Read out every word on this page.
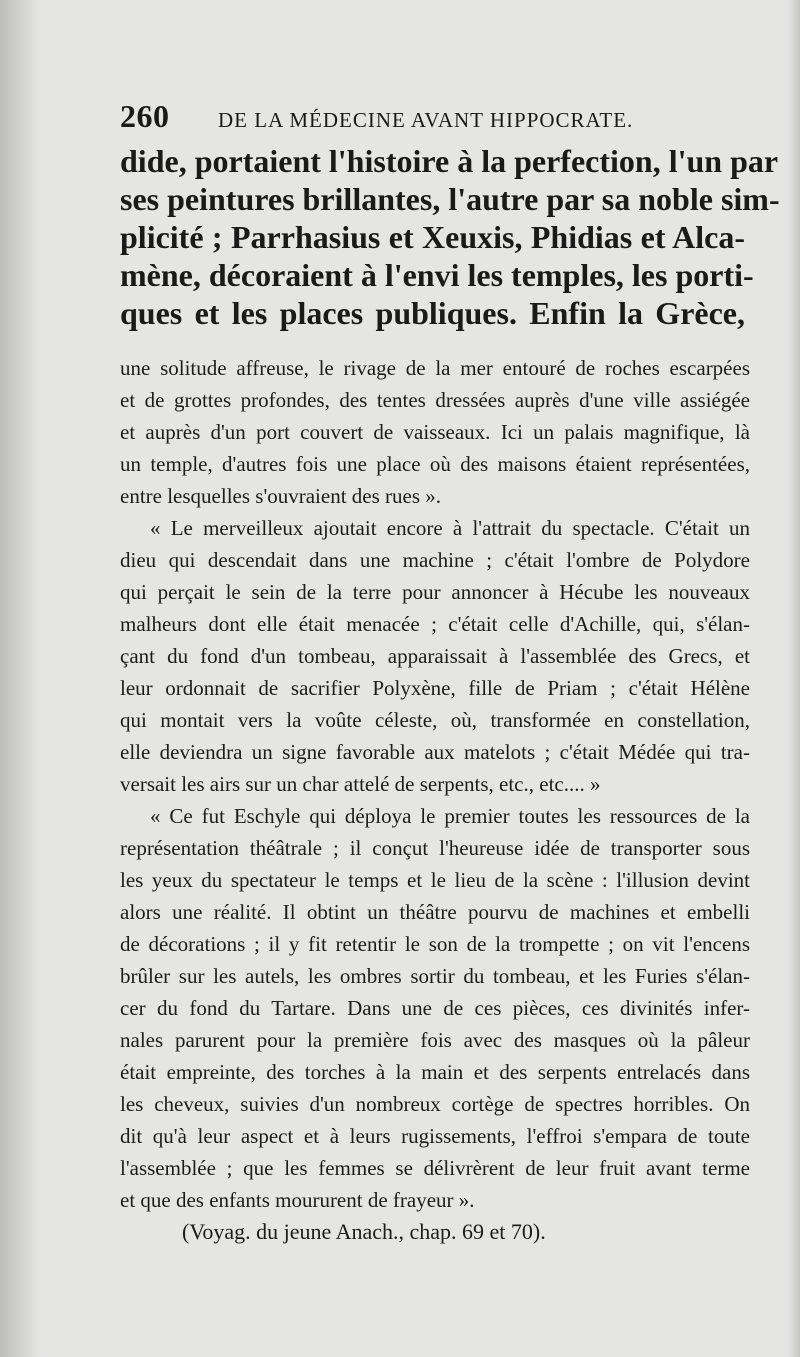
260 DE LA MÉDECINE AVANT HIPPOCRATE.
dide, portaient l'histoire à la perfection, l'un par
ses peintures brillantes, l'autre par sa noble sim-
plicité ; Parrhasius et Xeuxis, Phidias et Alca-
mène, décoraient à l'envi les temples, les porti-
ques et les places publiques. Enfin la Grèce,
une solitude affreuse, le rivage de la mer entouré de roches escarpées
et de grottes profondes, des tentes dressées auprès d'une ville assiégée
et auprès d'un port couvert de vaisseaux. Ici un palais magnifique, là
un temple, d'autres fois une place où des maisons étaient représentées,
entre lesquelles s'ouvraient des rues ».
« Le merveilleux ajoutait encore à l'attrait du spectacle. C'était un
dieu qui descendait dans une machine ; c'était l'ombre de Polydore
qui perçait le sein de la terre pour annoncer à Hécube les nouveaux
malheurs dont elle était menacée ; c'était celle d'Achille, qui, s'élan-
çant du fond d'un tombeau, apparaissait à l'assemblée des Grecs, et
leur ordonnait de sacrifier Polyxène, fille de Priam ; c'était Hélène
qui montait vers la voûte céleste, où, transformée en constellation,
elle deviendra un signe favorable aux matelots ; c'était Médée qui tra-
versait les airs sur un char attelé de serpents, etc., etc.... »
« Ce fut Eschyle qui déploya le premier toutes les ressources de la
représentation théâtrale ; il conçut l'heureuse idée de transporter sous
les yeux du spectateur le temps et le lieu de la scène : l'illusion devint
alors une réalité. Il obtint un théâtre pourvu de machines et embelli
de décorations ; il y fit retentir le son de la trompette ; on vit l'encens
brûler sur les autels, les ombres sortir du tombeau, et les Furies s'élan-
cer du fond du Tartare. Dans une de ces pièces, ces divinités infer-
nales parurent pour la première fois avec des masques où la pâleur
était empreinte, des torches à la main et des serpents entrelacés dans
les cheveux, suivies d'un nombreux cortège de spectres horribles. On
dit qu'à leur aspect et à leurs rugissements, l'effroi s'empara de toute
l'assemblée ; que les femmes se délivrèrent de leur fruit avant terme
et que des enfants moururent de frayeur ».
(Voyag. du jeune Anach., chap. 69 et 70).
